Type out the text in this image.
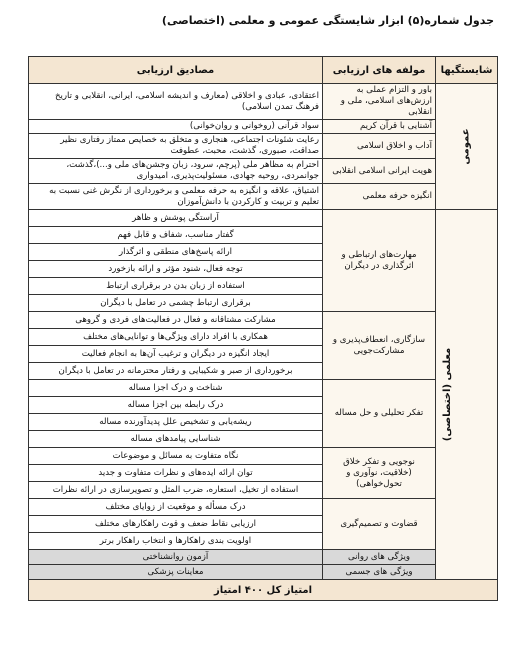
جدول شماره(۵) ابزار شایستگی عمومی و معلمی (اختصاصی)
شایستگیها	مولفه های ارزیابی	مصادیق ارزیابی
عمومی	باور و التزام عملی به ارزش‌های اسلامی، ملی و انقلابی	اعتقادی، عبادی و اخلاقی (معارف و اندیشه اسلامی، ایرانی، انقلابی و تاریخ فرهنگ تمدن اسلامی)
	آشنایی با قرآن کریم	سواد قرآنی (روخوانی و روان‌خوانی)
	آداب و اخلاق اسلامی	رعایت شئونات اجتماعی، هنجاری و متخلق به خصایص ممتاز رفتاری نظیر صداقت، صبوری، گذشت، محبت، عطوفت
	هویت ایرانی اسلامی انقلابی	احترام به مظاهر ملی (پرچم، سرود، زبان وجشن‌های ملی و...)،گذشت، جوانمردی، روحیه جهادی، مسئولیت‌پذیری، امیدواری
	انگیزه حرفه معلمی	اشتیاق، علاقه و انگیزه به حرفه معلمی و برخورداری از نگرش غنی نسبت به تعلیم و تربیت و کارکردن با دانش‌آموزان
معلمی (اختصاصی)	مهارت‌های ارتباطی و اثرگذاری در دیگران	آراستگی پوشش و ظاهر
		گفتار مناسب، شفاف و قابل فهم
		ارائه پاسخ‌های منطقی و اثرگذار
		توجه فعال، شنود مؤثر و ارائه بازخورد
		استفاده از زبان بدن در برقراری ارتباط
		برقراری ارتباط چشمی در تعامل با دیگران
	سازگاری، انعطاف‌پذیری و مشارکت‌جویی	مشارکت مشتاقانه و فعال در فعالیت‌های فردی و گروهی
		همکاری با افراد دارای ویژگی‌ها و توانایی‌های مختلف
		ایجاد انگیزه در دیگران و ترغیب آن‌ها به انجام فعالیت
		برخورداری از صبر و شکیبایی و رفتار محترمانه در تعامل با دیگران
	تفکر تحلیلی و حل مساله	شناخت و درک اجزا مساله
		درک رابطه بین اجزا مساله
		ریشه‌یابی و تشخیص علل پدیدآورنده مساله
		شناسایی پیامدهای مساله
	نوجویی و تفکر خلاق (خلاقیت، نوآوری و تحول‌خواهی)	نگاه متفاوت به مسائل و موضوعات
		توان ارائه ایده‌های و نظرات متفاوت و جدید
		استفاده از تخیل، استعاره، ضرب المثل و تصویرسازی در ارائه نظرات
	قضاوت و تصمیم‌گیری	درک مسأله و موقعیت از زوایای مختلف
		ارزیابی نقاط ضعف و قوت راهکارهای مختلف
		اولویت بندی راهکارها و انتخاب راهکار برتر
	ویژگی های روانی	آزمون روانشناختی
	ویژگی های جسمی	معاینات پزشکی
امتیاز کل ۴۰۰ امتیاز		
